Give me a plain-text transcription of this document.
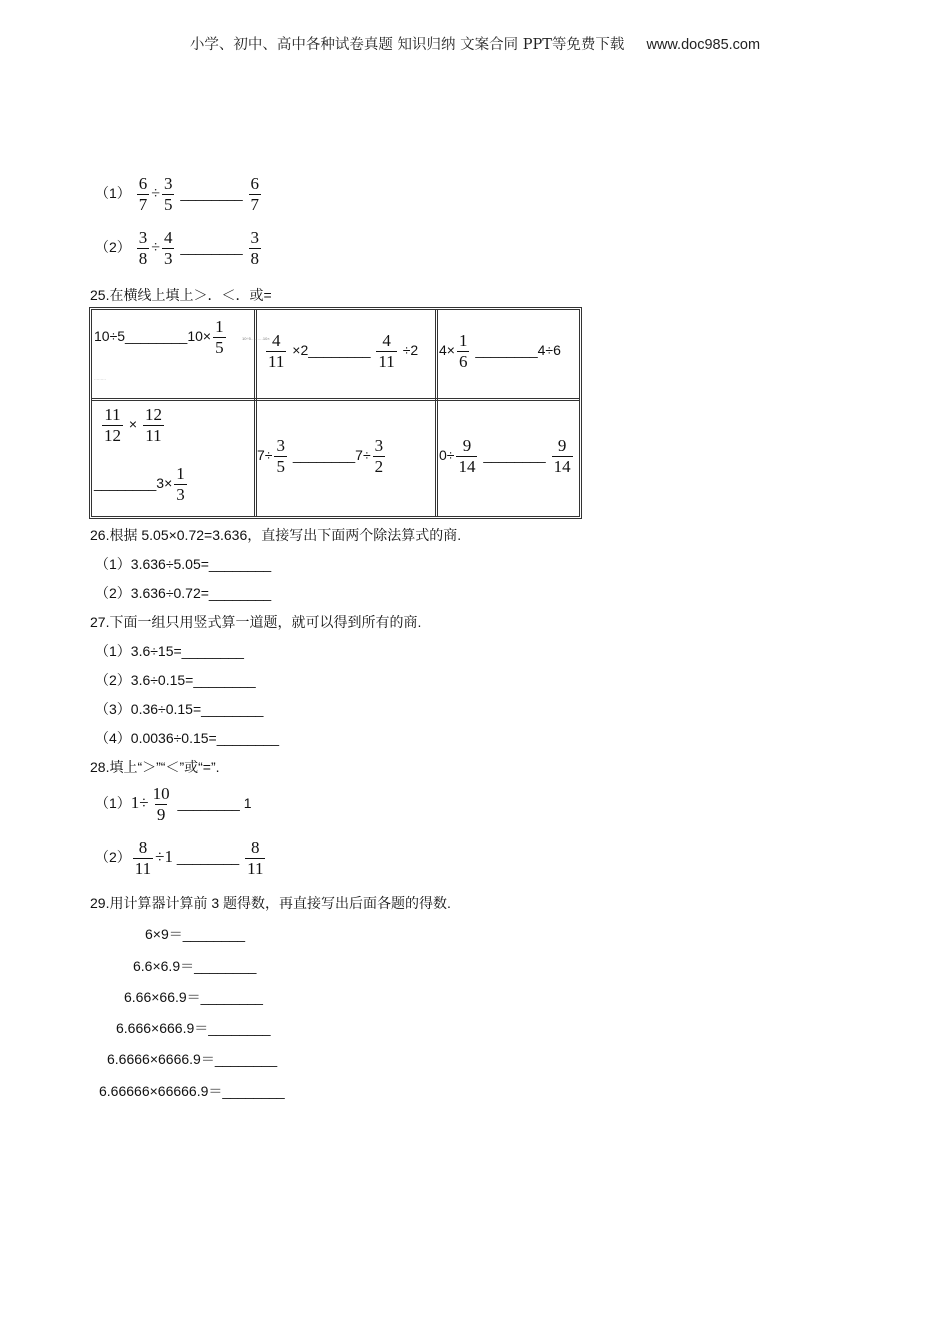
小学、初中、高中各种试卷真题 知识归纳 文案合同 PPT等免费下载 www.doc985.com
$(1) \frac{6}{7} \div \frac{3}{5}$ ________ $\frac{6}{7}$
$(2) \frac{3}{8} \div \frac{4}{3}$ ________ $\frac{3}{8}$
25.在横线上填上＞．＜．或=
10÷5________10× $\frac{1}{5}$	10÷5………10×
………
$\frac{4}{11}$ ×2________ $\frac{4}{11} \div 2$ $4\times \frac{1}{6}$ ________4÷6
$\frac{11}{12} \times \frac{12}{11}$
________3× $\frac{1}{3}$
$7\div \frac{3}{5}$ ________7÷ $\frac{3}{2}$	$0\div \frac{9}{14}$ ________ $\frac{9}{14}$
26.根据 5.05×0.72=3.636，直接写出下面两个除法算式的商.
（1）3.636÷5.05=________
（2）3.636÷0.72=________
27.下面一组只用竖式算一道题，就可以得到所有的商.
（1）3.6÷15=________
（2）3.6÷0.15=________
（3）0.36÷0.15=________
（4）0.0036÷0.15=________
28.填上“＞”“＜”或“=”.
$(1)1\div \frac{10}{9}$ ________ 1
$(2) \frac{8}{11} \div 1$ ________ $\frac{8}{11}$
29.用计算器计算前 3 题得数，再直接写出后面各题的得数.
6×9＝________
6.6×6.9＝________
6.66×66.9＝________
6.666×666.9＝________
6.6666×6666.9＝________
6.66666×66666.9＝________
